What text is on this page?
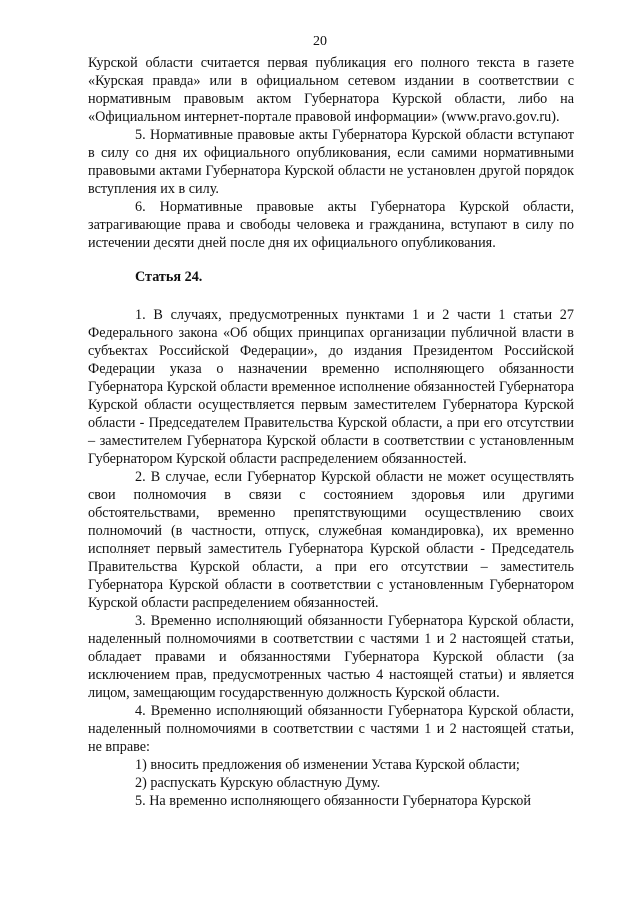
20

Курской области считается первая публикация его полного текста в газете «Курская правда» или в официальном сетевом издании в соответствии с нормативным правовым актом Губернатора Курской области, либо на «Официальном интернет-портале правовой информации» (www.pravo.gov.ru).

5. Нормативные правовые акты Губернатора Курской области вступают в силу со дня их официального опубликования, если самими нормативными правовыми актами Губернатора Курской области не установлен другой порядок вступления их в силу.

6. Нормативные правовые акты Губернатора Курской области, затрагивающие права и свободы человека и гражданина, вступают в силу по истечении десяти дней после дня их официального опубликования.

Статья 24.

1. В случаях, предусмотренных пунктами 1 и 2 части 1 статьи 27 Федерального закона «Об общих принципах организации публичной власти в субъектах Российской Федерации», до издания Президентом Российской Федерации указа о назначении временно исполняющего обязанности Губернатора Курской области временное исполнение обязанностей Губернатора Курской области осуществляется первым заместителем Губернатора Курской области - Председателем Правительства Курской области, а при его отсутствии – заместителем Губернатора Курской области в соответствии с установленным Губернатором Курской области распределением обязанностей.

2. В случае, если Губернатор Курской области не может осуществлять свои полномочия в связи с состоянием здоровья или другими обстоятельствами, временно препятствующими осуществлению своих полномочий (в частности, отпуск, служебная командировка), их временно исполняет первый заместитель Губернатора Курской области - Председатель Правительства Курской области, а при его отсутствии – заместитель Губернатора Курской области в соответствии с установленным Губернатором Курской области распределением обязанностей.

3. Временно исполняющий обязанности Губернатора Курской области, наделенный полномочиями в соответствии с частями 1 и 2 настоящей статьи, обладает правами и обязанностями Губернатора Курской области (за исключением прав, предусмотренных частью 4 настоящей статьи) и является лицом, замещающим государственную должность Курской области.

4. Временно исполняющий обязанности Губернатора Курской области, наделенный полномочиями в соответствии с частями 1 и 2 настоящей статьи, не вправе:

1) вносить предложения об изменении Устава Курской области;

2) распускать Курскую областную Думу.

5. На временно исполняющего обязанности Губернатора Курской
